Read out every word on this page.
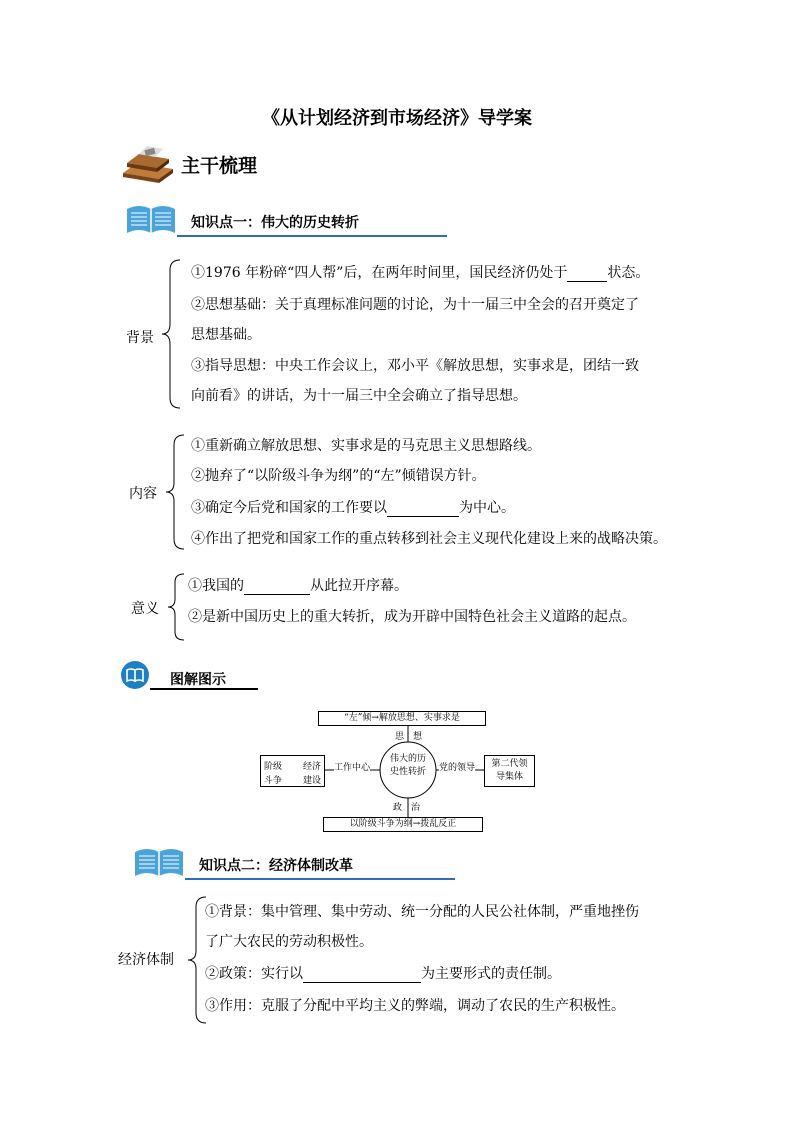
《从计划经济到市场经济》导学案
主干梳理
知识点一：伟大的历史转折
背景
①1976 年粉碎“四人帮”后，在两年时间里，国民经济仍处于	状态。
②思想基础：关于真理标准问题的讨论，为十一届三中全会的召开奠定了
思想基础。
③指导思想：中央工作会议上，邓小平《解放思想，实事求是，团结一致
向前看》的讲话，为十一届三中全会确立了指导思想。
内容
①重新确立解放思想、实事求是的马克思主义思想路线。
②抛弃了“以阶级斗争为纲”的“左”倾错误方针。
③确定今后党和国家的工作要以	为中心。
④作出了把党和国家工作的重点转移到社会主义现代化建设上来的战略决策。
意义
①我国的	从此拉开序幕。
②是新中国历史上的重大转折，成为开辟中国特色社会主义道路的起点。
图解图示
“左”倾→解放思想、实事求是
思　想
阶级
斗争
经济
建设
工作中心
伟大的历
史性转折	党的领导	第二代领
导集体
政　治
以阶级斗争为纲→拨乱反正
知识点二：经济体制改革
经济体制
①背景：集中管理、集中劳动、统一分配的人民公社体制，严重地挫伤
了广大农民的劳动积极性。
②政策：实行以	为主要形式的责任制。
③作用：克服了分配中平均主义的弊端，调动了农民的生产积极性。
